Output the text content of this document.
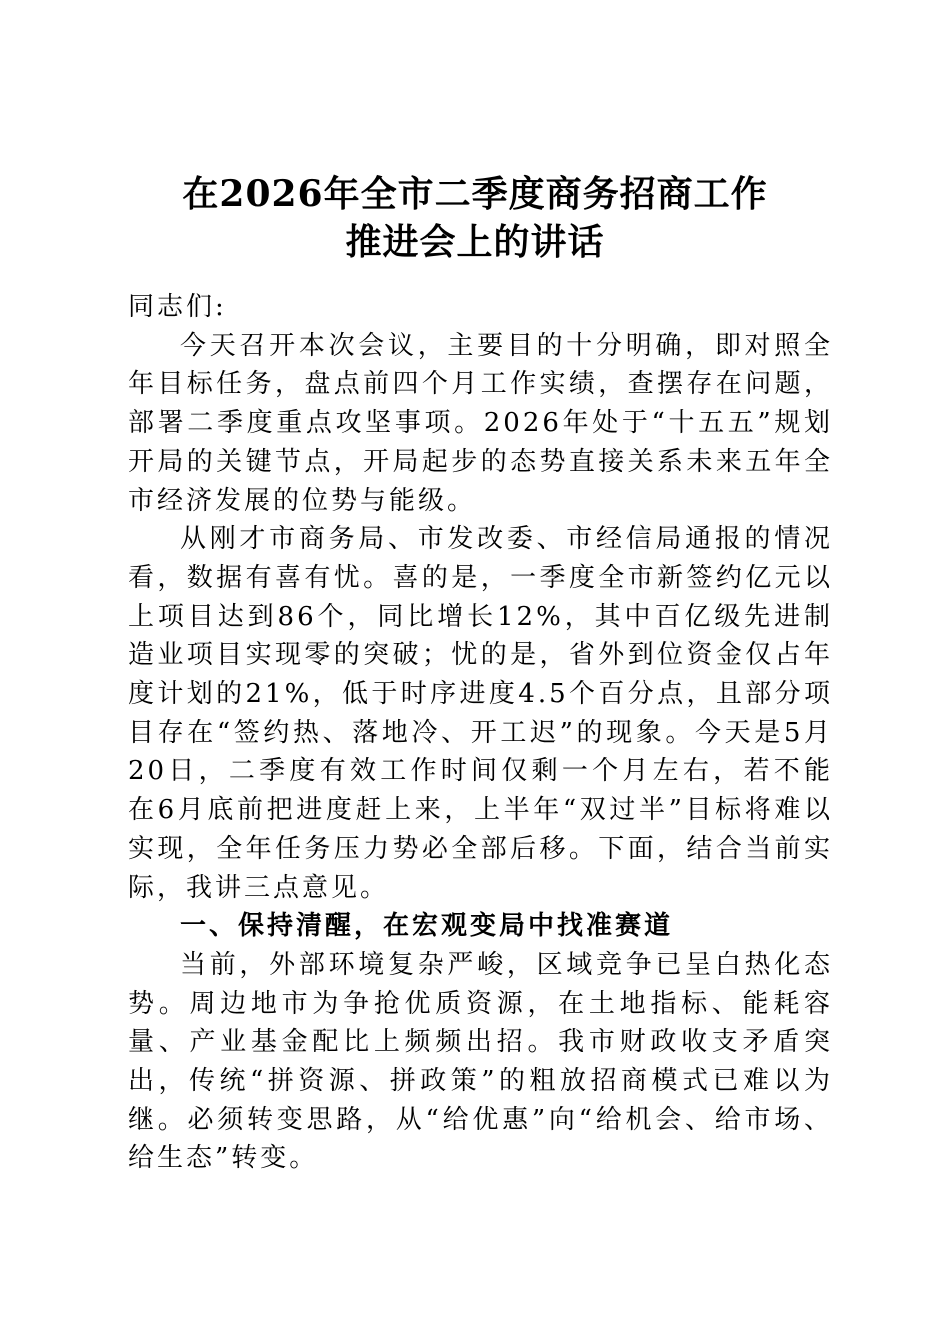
在2026年全市二季度商务招商工作
推进会上的讲话

同志们:

今天召开本次会议，主要目的十分明确，即对照全年目标任务，盘点前四个月工作实绩，查摆存在问题，部署二季度重点攻坚事项。2026年处于“十五五”规划开局的关键节点，开局起步的态势直接关系未来五年全市经济发展的位势与能级。

从刚才市商务局、市发改委、市经信局通报的情况看，数据有喜有忧。喜的是，一季度全市新签约亿元以上项目达到86个，同比增长12%，其中百亿级先进制造业项目实现零的突破；忧的是，省外到位资金仅占年度计划的21%，低于时序进度4.5个百分点，且部分项目存在“签约热、落地冷、开工迟”的现象。今天是5月20日，二季度有效工作时间仅剩一个月左右，若不能在6月底前把进度赶上来，上半年“双过半”目标将难以实现，全年任务压力势必全部后移。下面，结合当前实际，我讲三点意见。

一、保持清醒，在宏观变局中找准赛道

当前，外部环境复杂严峻，区域竞争已呈白热化态势。周边地市为争抢优质资源，在土地指标、能耗容量、产业基金配比上频频出招。我市财政收支矛盾突出，传统“拼资源、拼政策”的粗放招商模式已难以为继。必须转变思路，从“给优惠”向“给机会、给市场、给生态”转变。
